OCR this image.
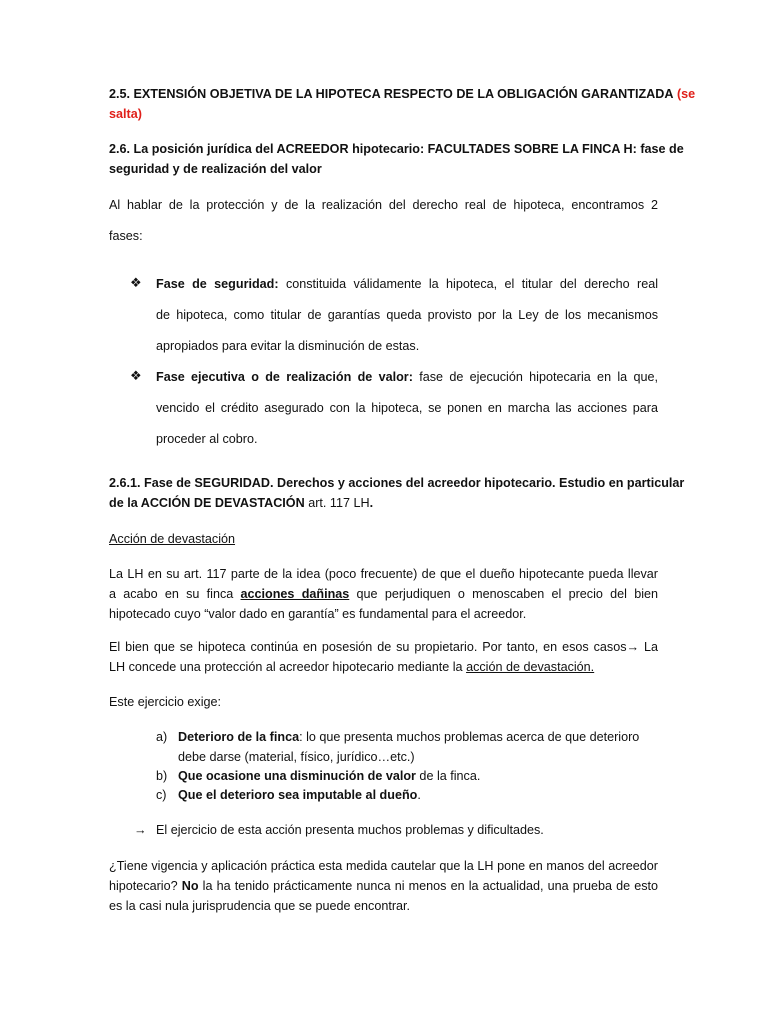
2.5. EXTENSIÓN OBJETIVA DE LA HIPOTECA RESPECTO DE LA OBLIGACIÓN GARANTIZADA (se
salta)
2.6. La posición jurídica del ACREEDOR hipotecario: FACULTADES SOBRE LA FINCA H: fase de
seguridad y de realización del valor
Al hablar de la protección y de la realización del derecho real de hipoteca, encontramos 2
fases:
❖ Fase de seguridad: constituida válidamente la hipoteca, el titular del derecho real
de hipoteca, como titular de garantías queda provisto por la Ley de los mecanismos
apropiados para evitar la disminución de estas.
❖ Fase ejecutiva o de realización de valor: fase de ejecución hipotecaria en la que,
vencido el crédito asegurado con la hipoteca, se ponen en marcha las acciones para
proceder al cobro.
2.6.1. Fase de SEGURIDAD. Derechos y acciones del acreedor hipotecario. Estudio en particular
de la ACCIÓN DE DEVASTACIÓN art. 117 LH.
Acción de devastación
La LH en su art. 117 parte de la idea (poco frecuente) de que el dueño hipotecante pueda llevar
a acabo en su finca acciones dañinas que perjudiquen o menoscaben el precio del bien
hipotecado cuyo “valor dado en garantía” es fundamental para el acreedor.
El bien que se hipoteca continúa en posesión de su propietario. Por tanto, en esos casos→ La
LH concede una protección al acreedor hipotecario mediante la acción de devastación.
Este ejercicio exige:
a) Deterioro de la finca: lo que presenta muchos problemas acerca de que deterioro
debe darse (material, físico, jurídico…etc.)
b) Que ocasione una disminución de valor de la finca.
c) Que el deterioro sea imputable al dueño.
→ El ejercicio de esta acción presenta muchos problemas y dificultades.
¿Tiene vigencia y aplicación práctica esta medida cautelar que la LH pone en manos del acreedor
hipotecario? No la ha tenido prácticamente nunca ni menos en la actualidad, una prueba de esto
es la casi nula jurisprudencia que se puede encontrar.
